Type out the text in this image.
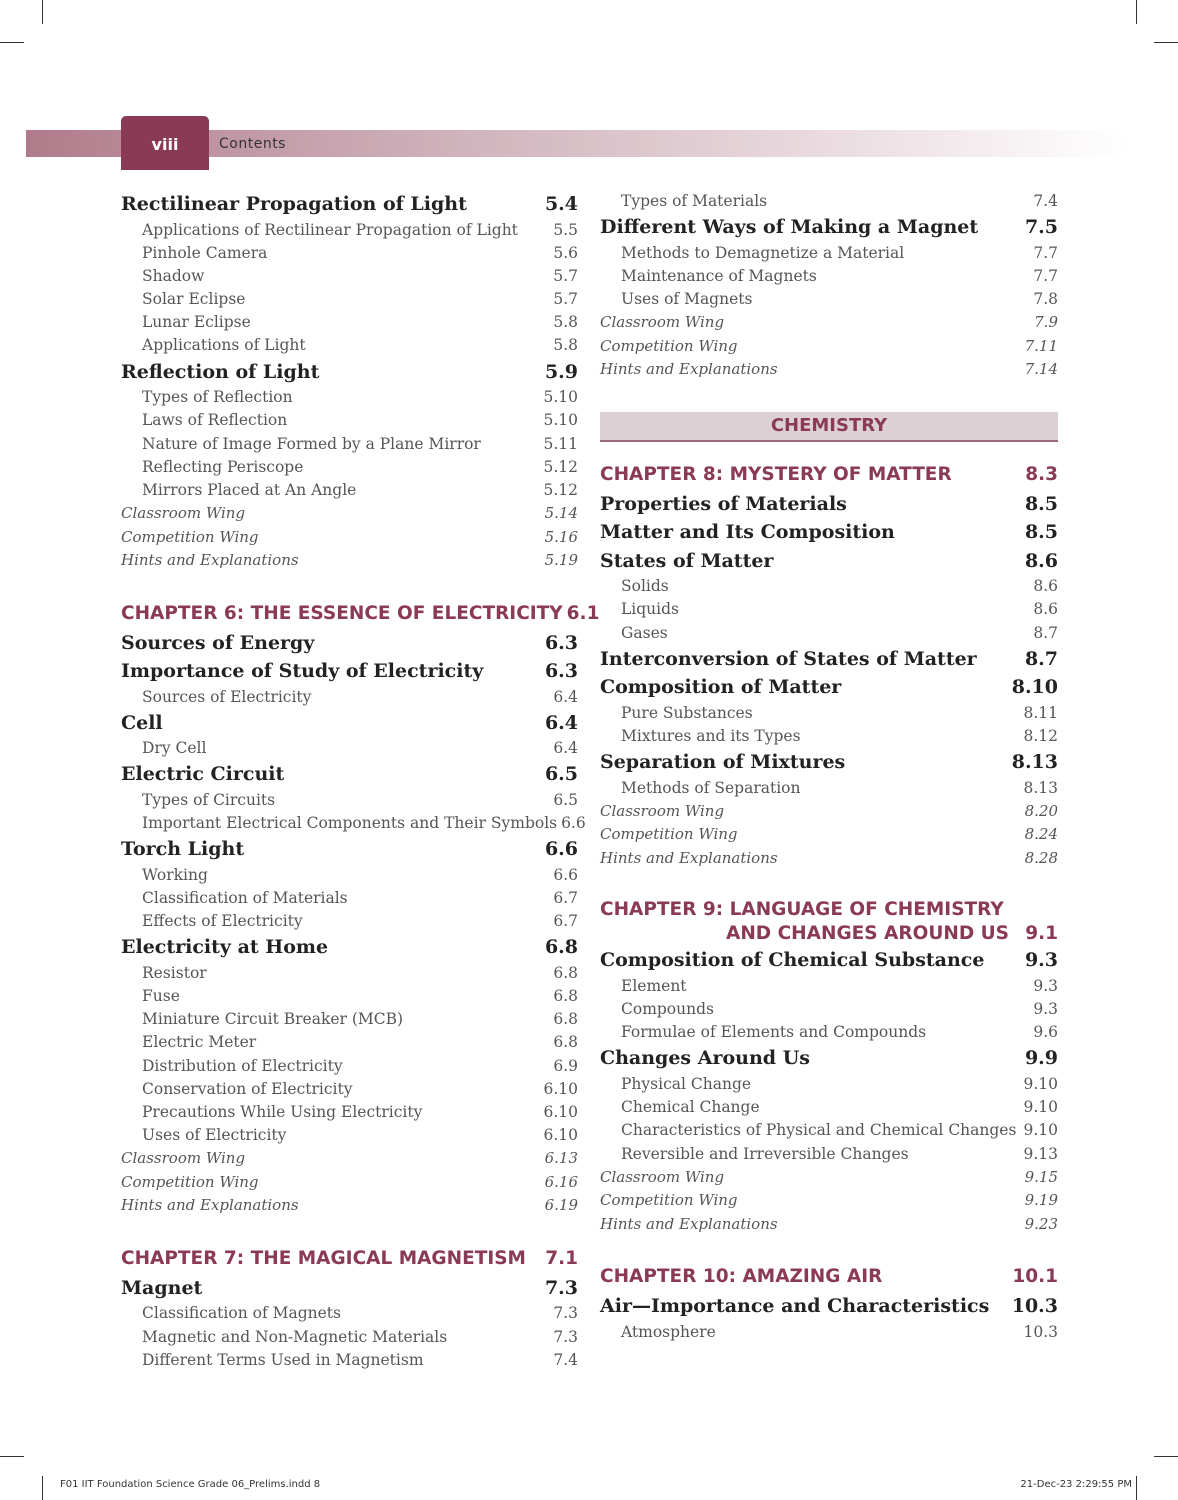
viii	Contents
Rectilinear Propagation of Light	5.4
Applications of Rectilinear Propagation of Light	5.5
Pinhole Camera	5.6
Shadow	5.7
Solar Eclipse	5.7
Lunar Eclipse	5.8
Applications of Light	5.8
Reflection of Light	5.9
Types of Reflection	5.10
Laws of Reflection	5.10
Nature of Image Formed by a Plane Mirror	5.11
Reflecting Periscope	5.12
Mirrors Placed at An Angle	5.12
Classroom Wing	5.14
Competition Wing	5.16
Hints and Explanations	5.19
CHAPTER 6: THE ESSENCE OF ELECTRICITY 6.1
Sources of Energy	6.3
Importance of Study of Electricity	6.3
Sources of Electricity	6.4
Cell	6.4
Dry Cell	6.4
Electric Circuit	6.5
Types of Circuits	6.5
Important Electrical Components and Their Symbols 6.6
Torch Light	6.6
Working	6.6
Classification of Materials	6.7
Effects of Electricity	6.7
Electricity at Home	6.8
Resistor	6.8
Fuse	6.8
Miniature Circuit Breaker (MCB)	6.8
Electric Meter	6.8
Distribution of Electricity	6.9
Conservation of Electricity	6.10
Precautions While Using Electricity	6.10
Uses of Electricity	6.10
Classroom Wing	6.13
Competition Wing	6.16
Hints and Explanations	6.19
CHAPTER 7: THE MAGICAL MAGNETISM	7.1
Magnet	7.3
Classification of Magnets	7.3
Magnetic and Non-Magnetic Materials	7.3
Different Terms Used in Magnetism	7.4
Types of Materials	7.4
Different Ways of Making a Magnet	7.5
Methods to Demagnetize a Material	7.7
Maintenance of Magnets	7.7
Uses of Magnets	7.8
Classroom Wing	7.9
Competition Wing	7.11
Hints and Explanations	7.14
CHEMISTRY
CHAPTER 8: MYSTERY OF MATTER	8.3
Properties of Materials	8.5
Matter and Its Composition	8.5
States of Matter	8.6
Solids	8.6
Liquids	8.6
Gases	8.7
Interconversion of States of Matter	8.7
Composition of Matter	8.10
Pure Substances	8.11
Mixtures and its Types	8.12
Separation of Mixtures	8.13
Methods of Separation	8.13
Classroom Wing	8.20
Competition Wing	8.24
Hints and Explanations	8.28
CHAPTER 9: LANGUAGE OF CHEMISTRY
AND CHANGES AROUND US 9.1
Composition of Chemical Substance	9.3
Element	9.3
Compounds	9.3
Formulae of Elements and Compounds	9.6
Changes Around Us	9.9
Physical Change	9.10
Chemical Change	9.10
Characteristics of Physical and Chemical Changes 9.10
Reversible and Irreversible Changes	9.13
Classroom Wing	9.15
Competition Wing	9.19
Hints and Explanations	9.23
CHAPTER 10: AMAZING AIR	10.1
Air—Importance and Characteristics	10.3
Atmosphere	10.3
F01 IIT Foundation Science Grade 06_Prelims.indd 8	21-Dec-23 2:29:55 PM
